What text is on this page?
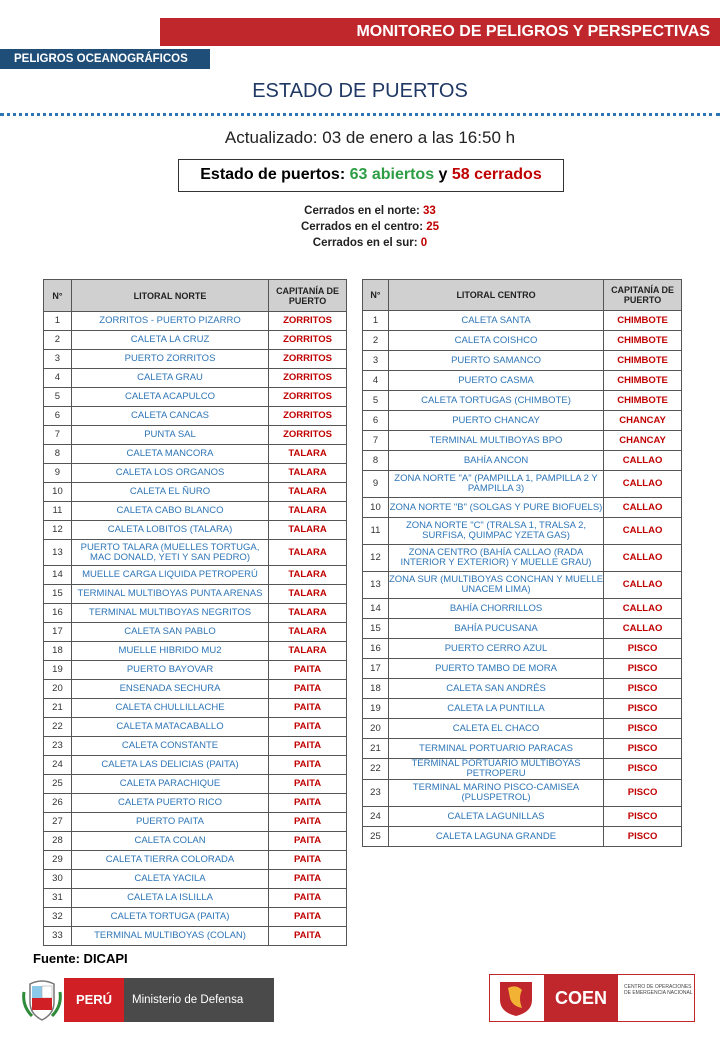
MONITOREO DE PELIGROS Y PERSPECTIVAS
PELIGROS OCEANOGRÁFICOS
ESTADO DE PUERTOS
Actualizado: 03 de enero a las 16:50 h
Estado de puertos: 63 abiertos y 58 cerrados
Cerrados en el norte: 33
Cerrados en el centro: 25
Cerrados en el sur: 0
N°	LITORAL NORTE	CAPITANÍA DE PUERTO
1	ZORRITOS - PUERTO PIZARRO	ZORRITOS
2	CALETA LA CRUZ	ZORRITOS
3	PUERTO ZORRITOS	ZORRITOS
4	CALETA GRAU	ZORRITOS
5	CALETA ACAPULCO	ZORRITOS
6	CALETA CANCAS	ZORRITOS
7	PUNTA SAL	ZORRITOS
8	CALETA MANCORA	TALARA
9	CALETA LOS ORGANOS	TALARA
10	CALETA EL ÑURO	TALARA
11	CALETA CABO BLANCO	TALARA
12	CALETA LOBITOS (TALARA)	TALARA
13	PUERTO TALARA (MUELLES TORTUGA, MAC DONALD, YETI Y SAN PEDRO)	TALARA
14	MUELLE CARGA LIQUIDA PETROPERÚ	TALARA
15	TERMINAL MULTIBOYAS PUNTA ARENAS	TALARA
16	TERMINAL MULTIBOYAS NEGRITOS	TALARA
17	CALETA SAN PABLO	TALARA
18	MUELLE HIBRIDO MU2	TALARA
19	PUERTO BAYOVAR	PAITA
20	ENSENADA SECHURA	PAITA
21	CALETA CHULLILLACHE	PAITA
22	CALETA MATACABALLO	PAITA
23	CALETA CONSTANTE	PAITA
24	CALETA LAS DELICIAS (PAITA)	PAITA
25	CALETA PARACHIQUE	PAITA
26	CALETA PUERTO RICO	PAITA
27	PUERTO PAITA	PAITA
28	CALETA COLAN	PAITA
29	CALETA TIERRA COLORADA	PAITA
30	CALETA YACILA	PAITA
31	CALETA LA ISLILLA	PAITA
32	CALETA TORTUGA (PAITA)	PAITA
33	TERMINAL MULTIBOYAS (COLAN)	PAITA
N°	LITORAL CENTRO	CAPITANÍA DE PUERTO
1	CALETA SANTA	CHIMBOTE
2	CALETA COISHCO	CHIMBOTE
3	PUERTO SAMANCO	CHIMBOTE
4	PUERTO CASMA	CHIMBOTE
5	CALETA TORTUGAS (CHIMBOTE)	CHIMBOTE
6	PUERTO CHANCAY	CHANCAY
7	TERMINAL MULTIBOYAS BPO	CHANCAY
8	BAHÍA ANCON	CALLAO
9	ZONA NORTE "A" (PAMPILLA 1, PAMPILLA 2 Y PAMPILLA 3)	CALLAO
10	ZONA NORTE "B" (SOLGAS Y PURE BIOFUELS)	CALLAO
11	ZONA NORTE "C" (TRALSA 1, TRALSA 2, SURFISA, QUIMPAC YZETA GAS)	CALLAO
12	ZONA CENTRO (BAHÍA CALLAO (RADA INTERIOR Y EXTERIOR) Y MUELLE GRAU)	CALLAO
13	ZONA SUR (MULTIBOYAS CONCHAN Y MUELLE UNACEM LIMA)	CALLAO
14	BAHÍA CHORRILLOS	CALLAO
15	BAHÍA PUCUSANA	CALLAO
16	PUERTO CERRO AZUL	PISCO
17	PUERTO TAMBO DE MORA	PISCO
18	CALETA SAN ANDRÉS	PISCO
19	CALETA LA PUNTILLA	PISCO
20	CALETA EL CHACO	PISCO
21	TERMINAL PORTUARIO PARACAS	PISCO
22	TERMINAL PORTUARIO MULTIBOYAS PETROPERU	PISCO
23	TERMINAL MARINO PISCO-CAMISEA (PLUSPETROL)	PISCO
24	CALETA LAGUNILLAS	PISCO
25	CALETA LAGUNA GRANDE	PISCO
Fuente: DICAPI
PERÚ	Ministerio de Defensa	COEN
CENTRO DE OPERACIONES DE EMERGENCIA NACIONAL
